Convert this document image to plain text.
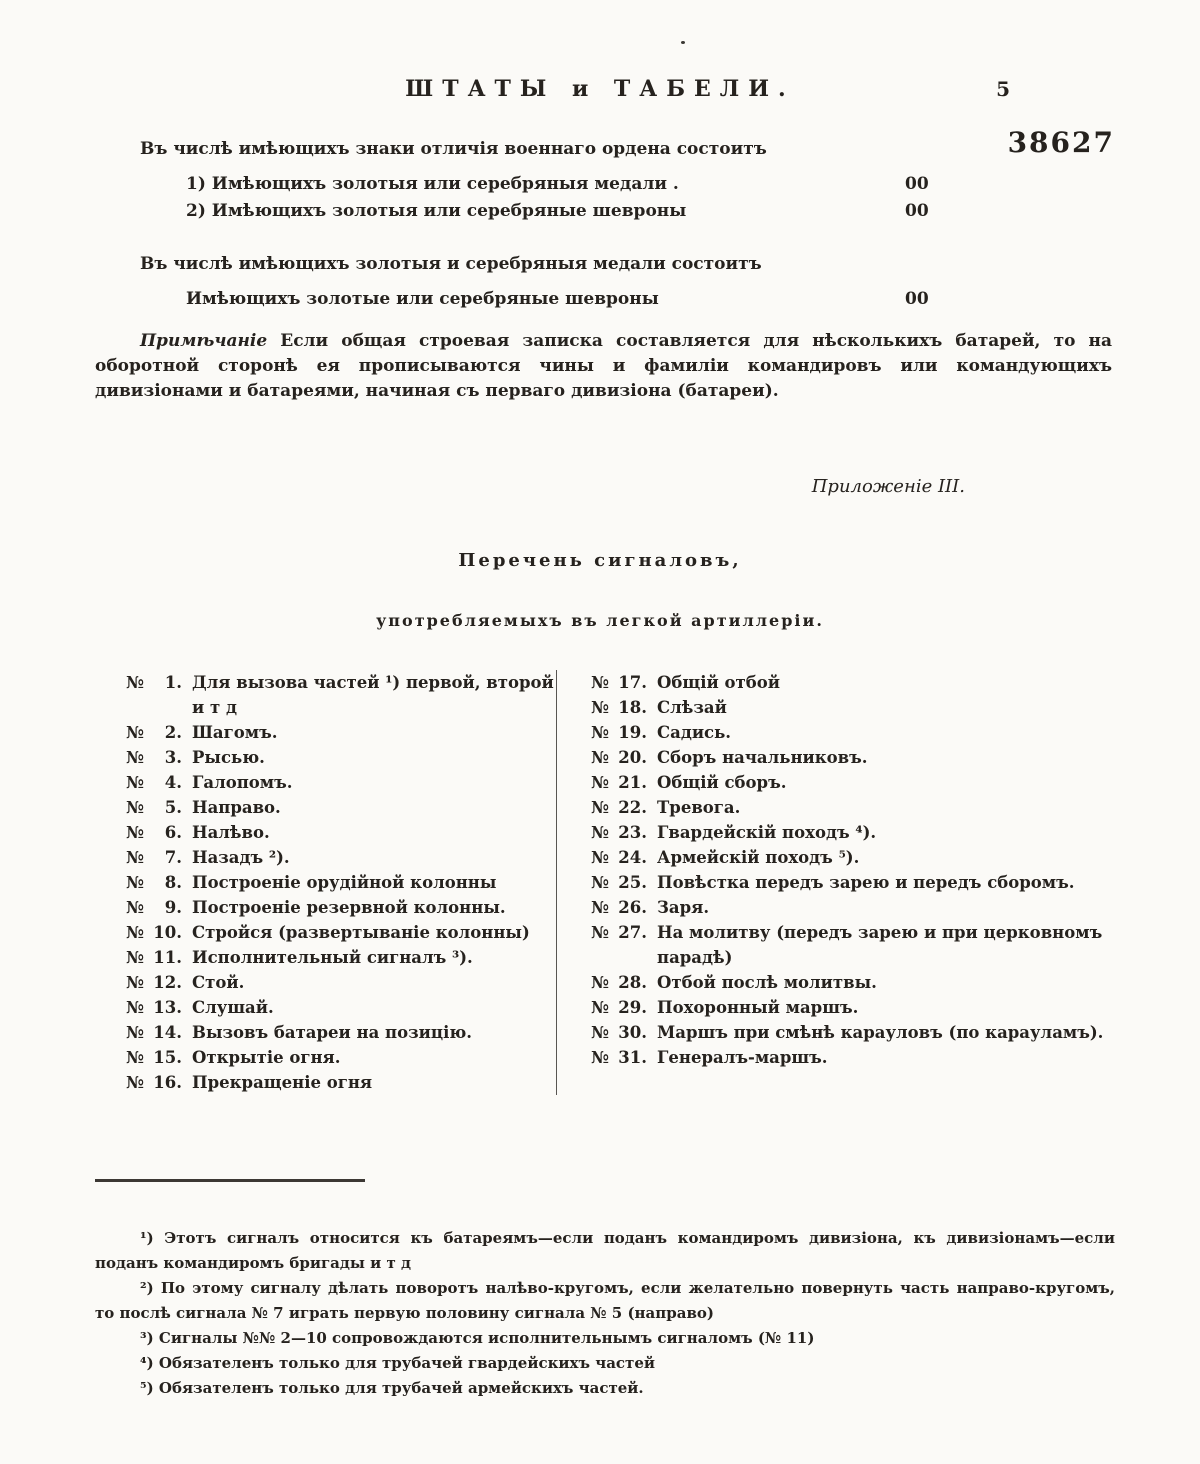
ШТАТЫ и ТАБЕЛИ.	5
Въ числѣ имѣющихъ знаки отличія военнаго ордена состоитъ	38627
1) Имѣющихъ золотыя или серебряныя медали .	00
2) Имѣющихъ золотыя или серебряные шевроны	00
Въ числѣ имѣющихъ золотыя и серебряныя медали состоитъ
Имѣющихъ золотые или серебряные шевроны	00

Примѣчаніе Если общая строевая записка составляется для нѣсколькихъ батарей, то на оборотной сторонѣ ея прописываются чины и фамиліи командировъ или командующихъ дивизіонами и батареями, начиная съ перваго дивизіона (батареи).

Приложеніе III.
Перечень сигналовъ,
употребляемыхъ въ легкой артиллеріи.
№	1. Для вызова частей ¹) первой, второй и т д
№	2. Шагомъ.
№	3. Рысью.
№	4. Галопомъ.
№	5. Направо.
№	6. Налѣво.
№	7. Назадъ ²).
№	8. Построеніе орудійной колонны
№	9. Построеніе резервной колонны.
№ 10. Стройся (развертываніе колонны)
№ 11. Исполнительный сигналъ ³).
№ 12. Стой.
№ 13. Слушай.
№ 14. Вызовъ батареи на позицію.
№ 15. Открытіе огня.
№ 16. Прекращеніе огня
№ 17. Общій отбой
№ 18. Слѣзай
№ 19. Садись.
№ 20. Сборъ начальниковъ.
№ 21. Общій сборъ.
№ 22. Тревога.
№ 23. Гвардейскій походъ ⁴).
№ 24. Армейскій походъ ⁵).
№ 25. Повѣстка передъ зарею и передъ сборомъ.
№ 26. Заря.
№ 27. На молитву (передъ зарею и при церковномъ парадѣ)
№ 28. Отбой послѣ молитвы.
№ 29. Похоронный маршъ.
№ 30. Маршъ при смѣнѣ карауловъ (по карауламъ).
№ 31. Генералъ-маршъ.

¹) Этотъ сигналъ относится къ батареямъ—если поданъ командиромъ дивизіона, къ дивизіонамъ—если поданъ командиромъ бригады и т д

²) По этому сигналу дѣлать поворотъ налѣво-кругомъ, если желательно повернуть часть направо-кругомъ, то послѣ сигнала № 7 играть первую половину сигнала № 5 (направо)

³) Сигналы №№ 2—10 сопровождаются исполнительнымъ сигналомъ (№ 11)

⁴) Обязателенъ только для трубачей гвардейскихъ частей

⁵) Обязателенъ только для трубачей армейскихъ частей.
